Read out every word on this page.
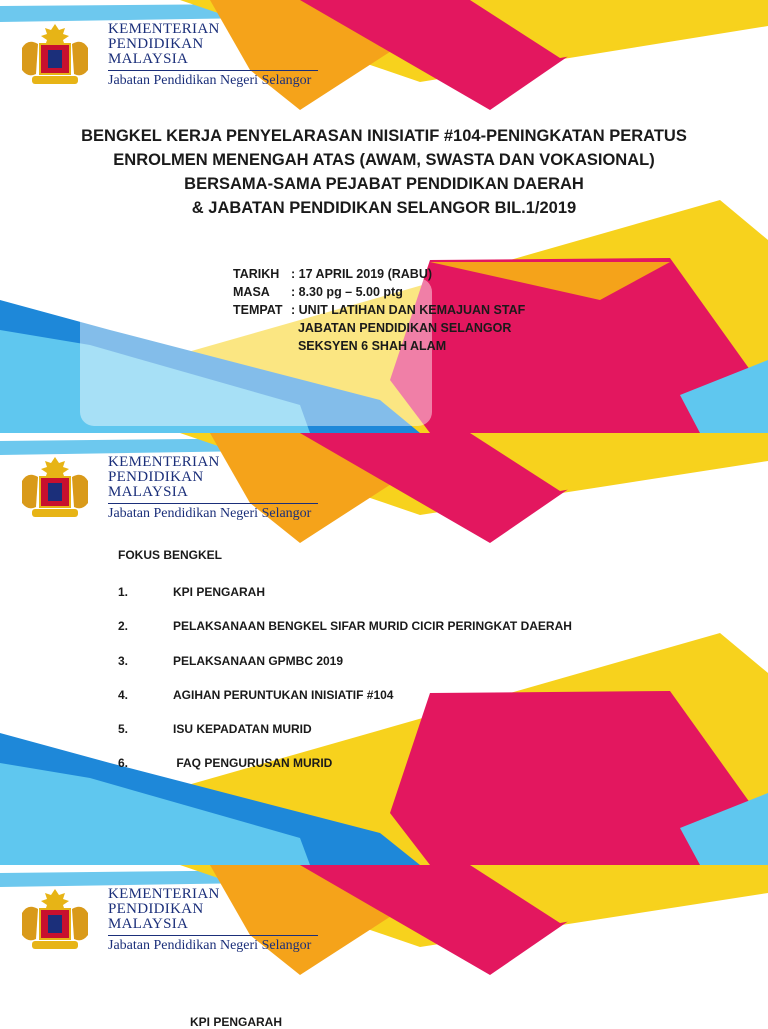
KEMENTERIAN
PENDIDIKAN
MALAYSIA
Jabatan Pendidikan Negeri Selangor
BENGKEL KERJA PENYELARASAN INISIATIF #104-PENINGKATAN PERATUS
ENROLMEN MENENGAH ATAS (AWAM, SWASTA DAN VOKASIONAL)
BERSAMA-SAMA PEJABAT PENDIDIKAN DAERAH
& JABATAN PENDIDIKAN SELANGOR BIL.1/2019
TARIKH : 17 APRIL 2019 (RABU)
MASA	: 8.30 pg – 5.00 ptg
TEMPAT : UNIT LATIHAN DAN KEMAJUAN STAF
JABATAN PENDIDIKAN SELANGOR
SEKSYEN 6 SHAH ALAM
KEMENTERIAN
PENDIDIKAN
MALAYSIA
Jabatan Pendidikan Negeri Selangor
FOKUS BENGKEL
1.	KPI PENGARAH
2.	PELAKSANAAN BENGKEL SIFAR MURID CICIR PERINGKAT DAERAH
3.	PELAKSANAAN GPMBC 2019
4.	AGIHAN PERUNTUKAN INISIATIF #104
5.	ISU KEPADATAN MURID
6.	FAQ PENGURUSAN MURID
KEMENTERIAN
PENDIDIKAN
MALAYSIA
Jabatan Pendidikan Negeri Selangor
KPI PENGARAH
